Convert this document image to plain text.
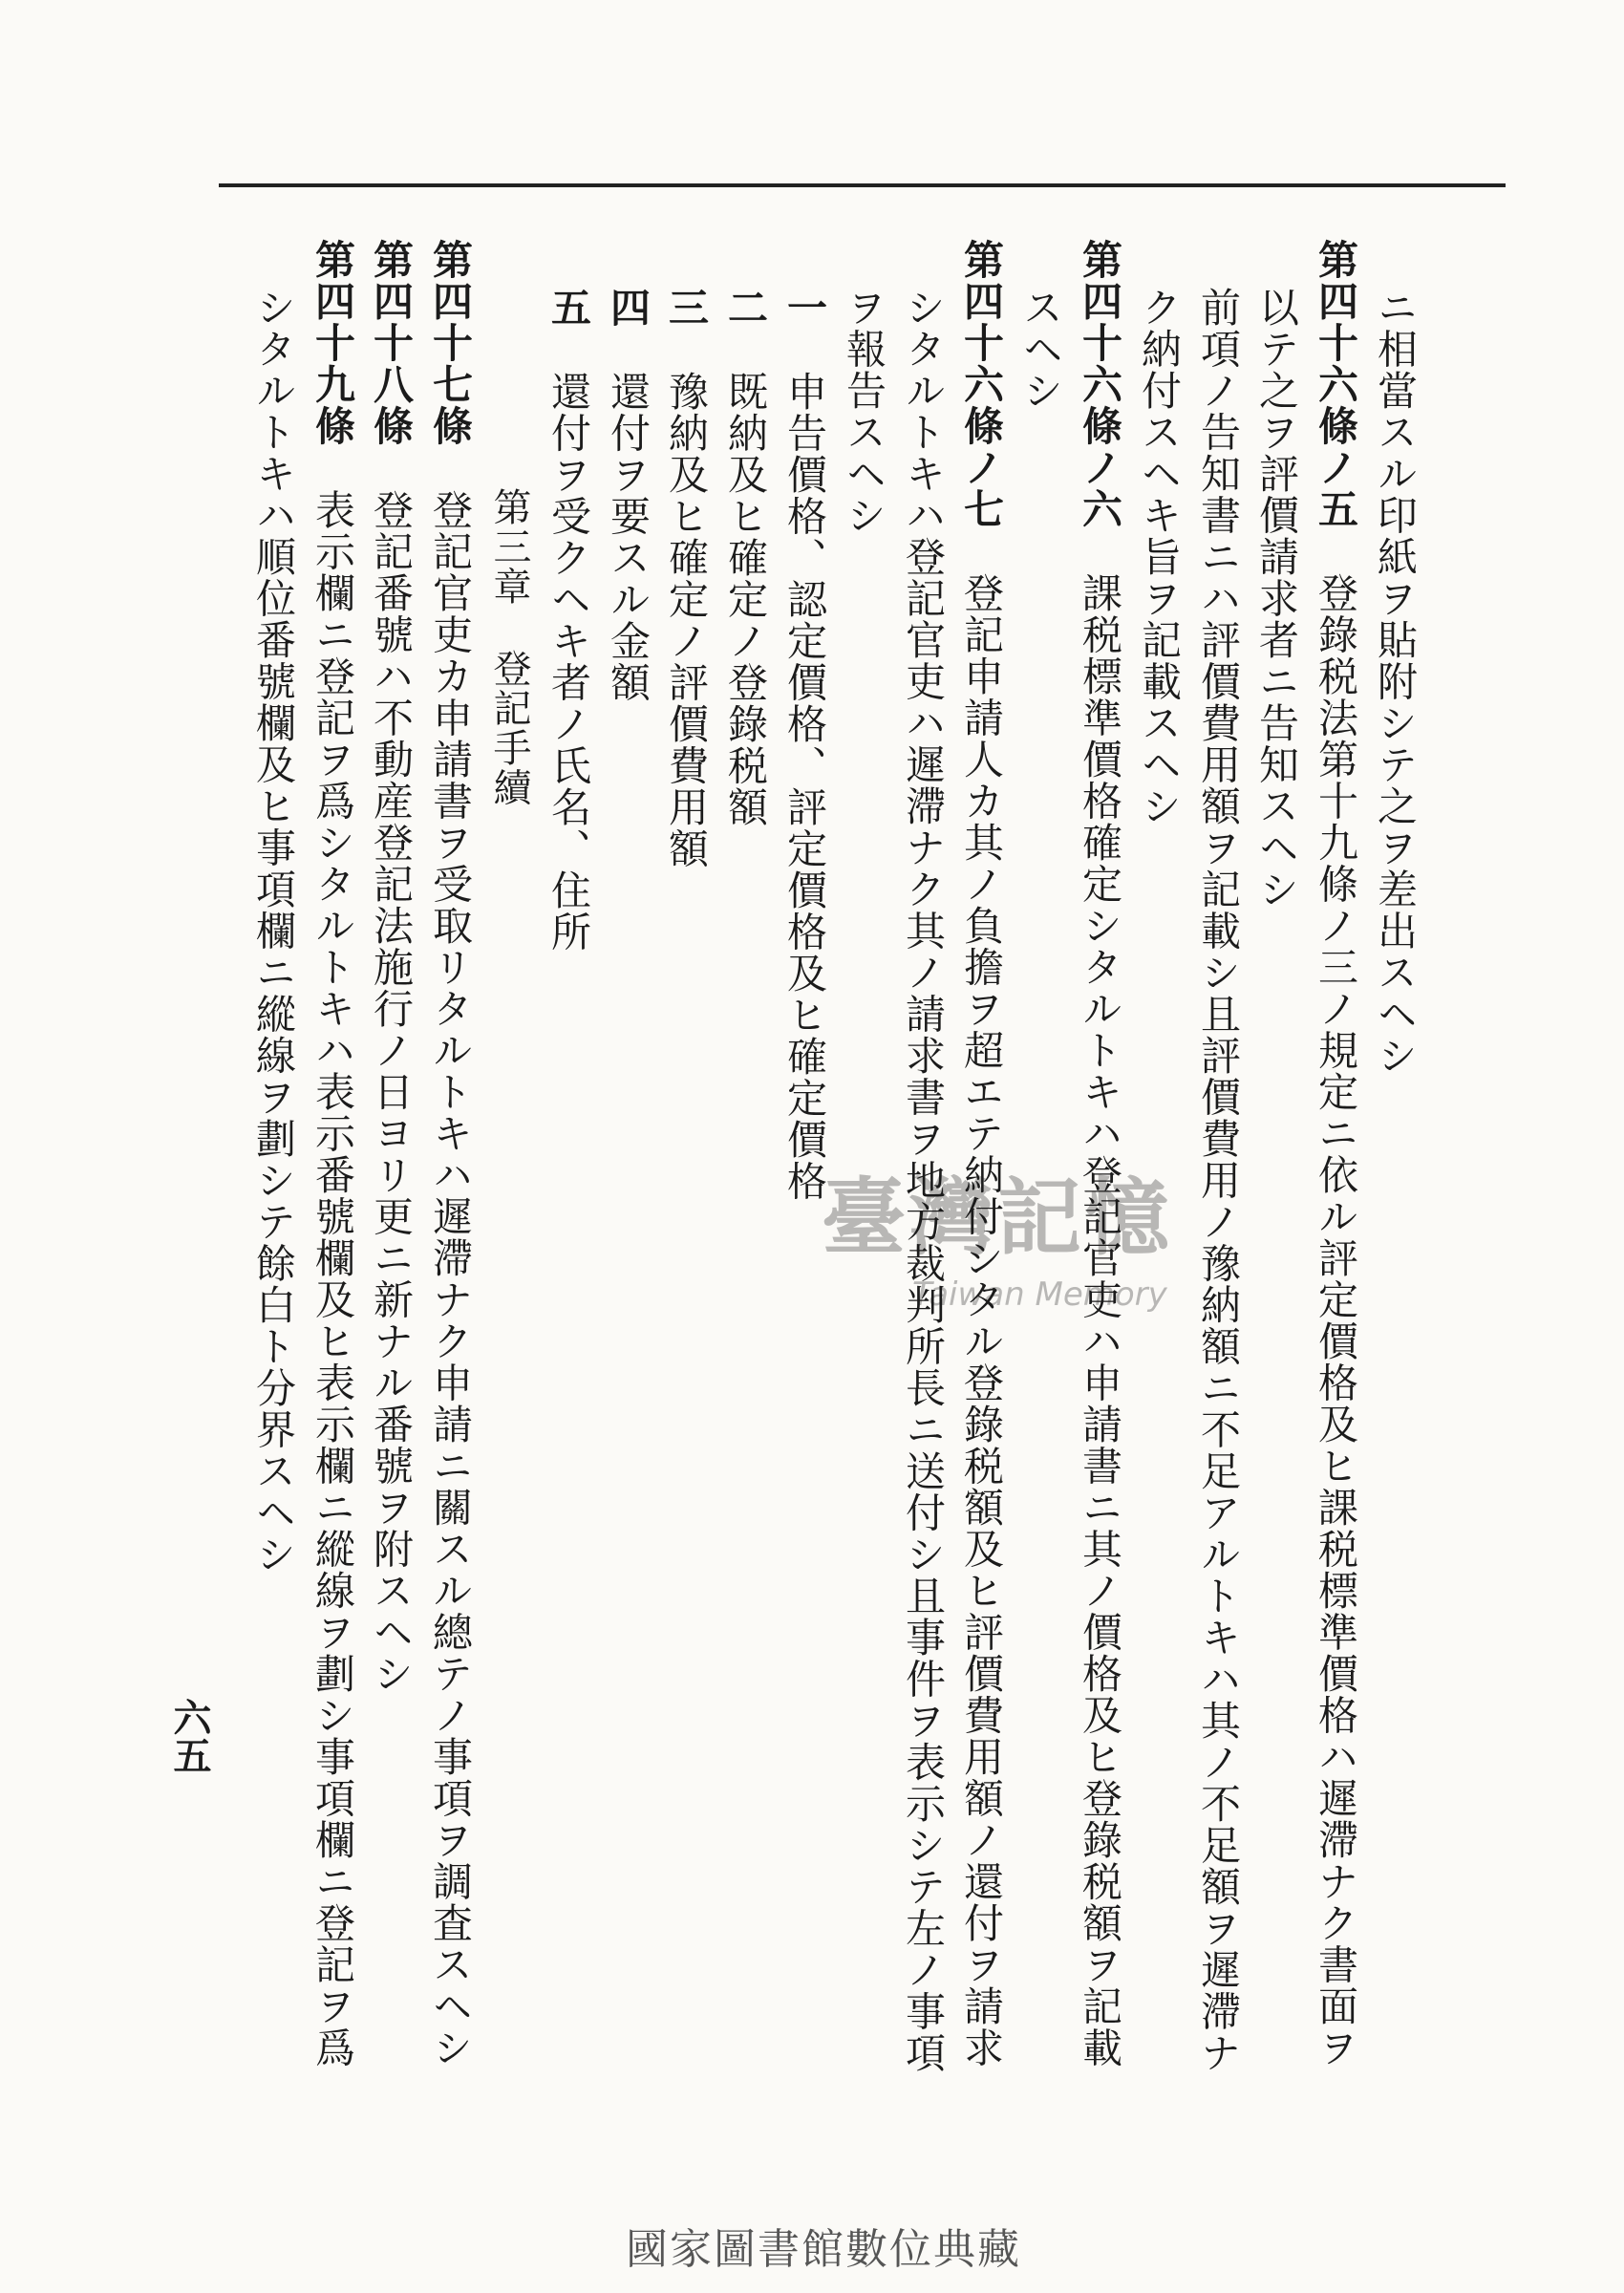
臺灣記憶
Taiwan Memory
ニ相當スル印紙ヲ貼附シテ之ヲ差出スヘシ
第四十六條ノ五登錄税法第十九條ノ三ノ規定ニ依ル評定價格及ヒ課税標準價格ハ遲滯ナク書面ヲ
以テ之ヲ評價請求者ニ告知スヘシ
前項ノ告知書ニハ評價費用額ヲ記載シ且評價費用ノ豫納額ニ不足アルトキハ其ノ不足額ヲ遲滯ナ
ク納付スヘキ旨ヲ記載スヘシ
第四十六條ノ六課税標準價格確定シタルトキハ登記官吏ハ申請書ニ其ノ價格及ヒ登錄税額ヲ記載
スヘシ
第四十六條ノ七登記申請人カ其ノ負擔ヲ超エテ納付シタル登錄税額及ヒ評價費用額ノ還付ヲ請求
シタルトキハ登記官吏ハ遲滯ナク其ノ請求書ヲ地方裁判所長ニ送付シ且事件ヲ表示シテ左ノ事項
ヲ報告スヘシ
一申告價格、認定價格、評定價格及ヒ確定價格
二既納及ヒ確定ノ登錄税額
三豫納及ヒ確定ノ評價費用額
四還付ヲ要スル金額
五還付ヲ受クヘキ者ノ氏名、住所
第三章登記手續
第四十七條登記官吏カ申請書ヲ受取リタルトキハ遲滯ナク申請ニ關スル總テノ事項ヲ調査スヘシ
第四十八條登記番號ハ不動産登記法施行ノ日ヨリ更ニ新ナル番號ヲ附スヘシ
第四十九條表示欄ニ登記ヲ爲シタルトキハ表示番號欄及ヒ表示欄ニ縱線ヲ劃シ事項欄ニ登記ヲ爲
シタルトキハ順位番號欄及ヒ事項欄ニ縱線ヲ劃シテ餘白ト分界スヘシ
六五
國家圖書館數位典藏
